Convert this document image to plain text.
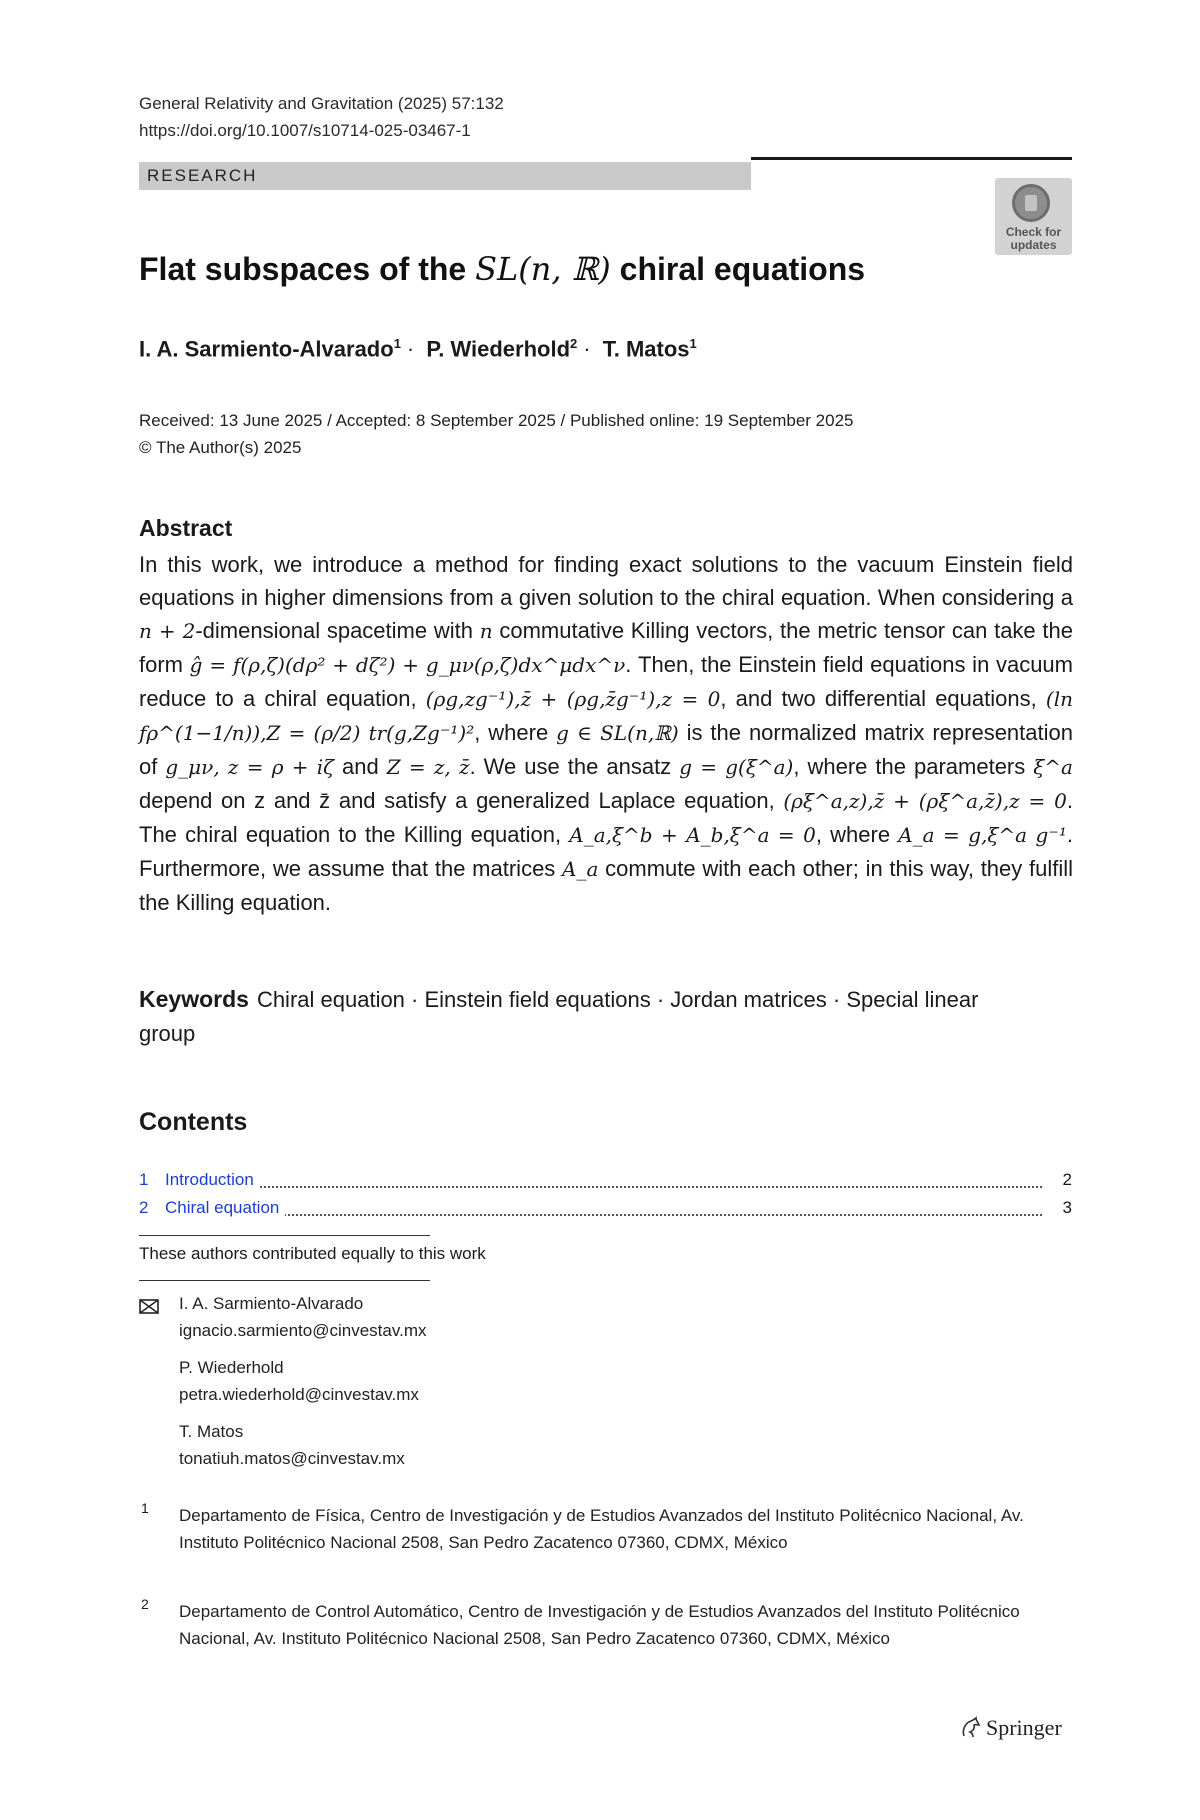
General Relativity and Gravitation (2025) 57:132
https://doi.org/10.1007/s10714-025-03467-1
RESEARCH
Check for updates
Flat subspaces of the SL(n, ℝ) chiral equations
I. A. Sarmiento-Alvarado$^1$ · P. Wiederhold$^2$ · T. Matos$^1$
Received: 13 June 2025 / Accepted: 8 September 2025 / Published online: 19 September 2025
© The Author(s) 2025
Abstract
In this work, we introduce a method for finding exact solutions to the vacuum Einstein field equations in higher dimensions from a given solution to the chiral equation. When considering a n + 2-dimensional spacetime with n commutative Killing vectors, the metric tensor can take the form ĝ = f(ρ,ζ)(dρ² + dζ²) + g_μν(ρ,ζ)dx^μdx^ν. Then, the Einstein field equations in vacuum reduce to a chiral equation, (ρg,zg⁻¹),z̄ + (ρg,z̄g⁻¹),z = 0, and two differential equations, (ln fρ^(1−1/n)),Z = (ρ/2) tr(g,Zg⁻¹)², where g ∈ SL(n,ℝ) is the normalized matrix representation of g_μν, z = ρ + iζ and Z = z, z̄. We use the ansatz g = g(ξ^a), where the parameters ξ^a depend on z and z̄ and satisfy a generalized Laplace equation, (ρξ^a,z),z̄ + (ρξ^a,z̄),z = 0. The chiral equation to the Killing equation, A_a,ξ^b + A_b,ξ^a = 0, where A_a = g,ξ^a g⁻¹. Furthermore, we assume that the matrices A_a commute with each other; in this way, they fulfill the Killing equation.
Keywords Chiral equation · Einstein field equations · Jordan matrices · Special linear group
Contents
1 Introduction	2
2 Chiral equation	3
These authors contributed equally to this work
I. A. Sarmiento-Alvarado
ignacio.sarmiento@cinvestav.mx
P. Wiederhold
petra.wiederhold@cinvestav.mx
T. Matos
tonatiuh.matos@cinvestav.mx
1 Departamento de Física, Centro de Investigación y de Estudios Avanzados del Instituto Politécnico Nacional, Av. Instituto Politécnico Nacional 2508, San Pedro Zacatenco 07360, CDMX, México
2 Departamento de Control Automático, Centro de Investigación y de Estudios Avanzados del Instituto Politécnico Nacional, Av. Instituto Politécnico Nacional 2508, San Pedro Zacatenco 07360, CDMX, México
Springer
